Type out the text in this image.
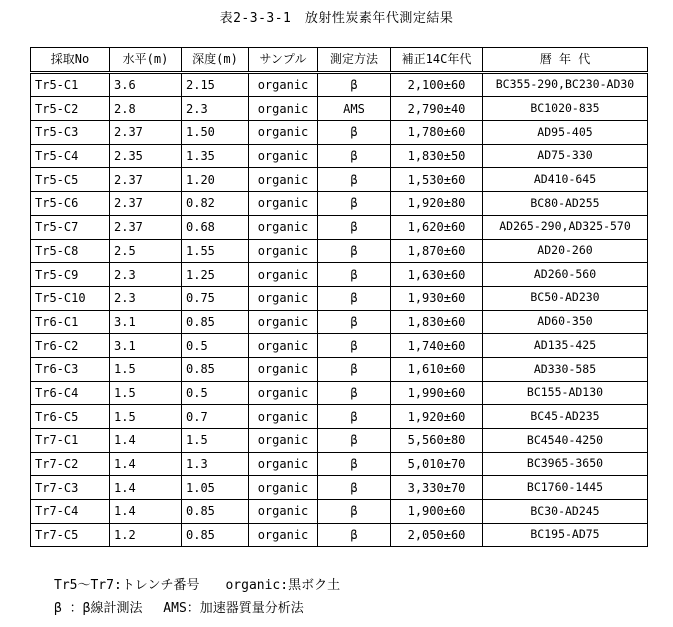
表2-3-3-1　放射性炭素年代測定結果
採取No	水平(m)	深度(m)	サンプル	測定方法	補正14C年代	暦 年 代
Tr5-C1	3.6	2.15	organic	β	2,100±60	BC355-290,BC230-AD30
Tr5-C2	2.8	2.3	organic	AMS	2,790±40	BC1020-835
Tr5-C3	2.37	1.50	organic	β	1,780±60	AD95-405
Tr5-C4	2.35	1.35	organic	β	1,830±50	AD75-330
Tr5-C5	2.37	1.20	organic	β	1,530±60	AD410-645
Tr5-C6	2.37	0.82	organic	β	1,920±80	BC80-AD255
Tr5-C7	2.37	0.68	organic	β	1,620±60	AD265-290,AD325-570
Tr5-C8	2.5	1.55	organic	β	1,870±60	AD20-260
Tr5-C9	2.3	1.25	organic	β	1,630±60	AD260-560
Tr5-C10	2.3	0.75	organic	β	1,930±60	BC50-AD230
Tr6-C1	3.1	0.85	organic	β	1,830±60	AD60-350
Tr6-C2	3.1	0.5	organic	β	1,740±60	AD135-425
Tr6-C3	1.5	0.85	organic	β	1,610±60	AD330-585
Tr6-C4	1.5	0.5	organic	β	1,990±60	BC155-AD130
Tr6-C5	1.5	0.7	organic	β	1,920±60	BC45-AD235
Tr7-C1	1.4	1.5	organic	β	5,560±80	BC4540-4250
Tr7-C2	1.4	1.3	organic	β	5,010±70	BC3965-3650
Tr7-C3	1.4	1.05	organic	β	3,330±70	BC1760-1445
Tr7-C4	1.4	0.85	organic	β	1,900±60	BC30-AD245
Tr7-C5	1.2	0.85	organic	β	2,050±60	BC195-AD75
Tr5～Tr7:トレンチ番号　　organic:黒ボク土
β ：β線計測法　 AMS：加速器質量分析法
